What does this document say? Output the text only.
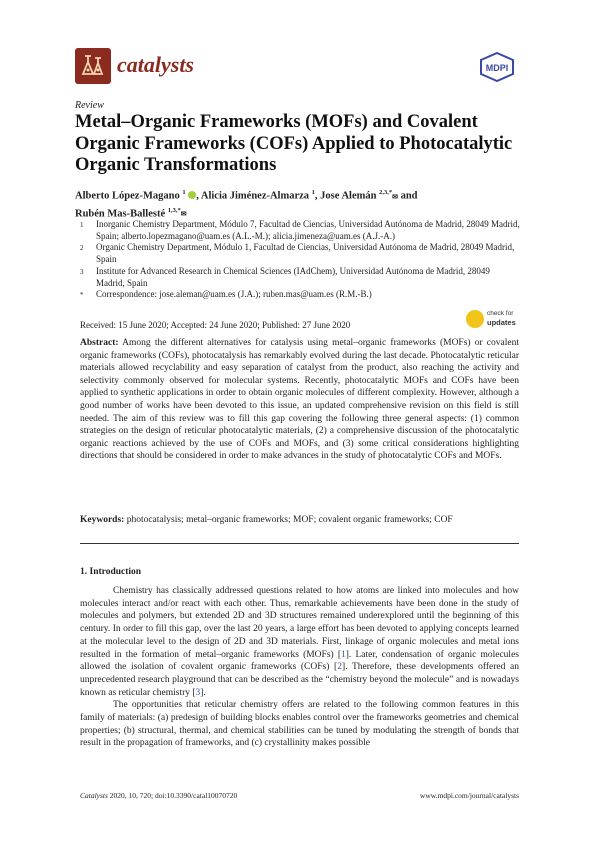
catalysts	MDPI
Review
Metal–Organic Frameworks (MOFs) and Covalent Organic Frameworks (COFs) Applied to Photocatalytic Organic Transformations
Alberto López-Magano $^1$ , Alicia Jiménez-Almarza $^1$, Jose Alemán $^{2,3,*}$✉ and
Rubén Mas-Ballesté $^{1,3,*}$✉
1	Inorganic Chemistry Department, Módulo 7, Facultad de Ciencias, Universidad Autónoma de Madrid, 28049 Madrid, Spain; alberto.lopezmagano@uam.es (A.L.-M.); alicia.jimeneza@uam.es (A.J.-A.)
2	Organic Chemistry Department, Módulo 1, Facultad de Ciencias, Universidad Autónoma de Madrid, 28049 Madrid, Spain
3	Institute for Advanced Research in Chemical Sciences (IAdChem), Universidad Autónoma de Madrid, 28049 Madrid, Spain
*	Correspondence: jose.aleman@uam.es (J.A.); ruben.mas@uam.es (R.M.-B.)
check for
updates
Received: 15 June 2020; Accepted: 24 June 2020; Published: 27 June 2020
Abstract: Among the different alternatives for catalysis using metal–organic frameworks (MOFs) or covalent organic frameworks (COFs), photocatalysis has remarkably evolved during the last decade. Photocatalytic reticular materials allowed recyclability and easy separation of catalyst from the product, also reaching the activity and selectivity commonly observed for molecular systems. Recently, photocatalytic MOFs and COFs have been applied to synthetic applications in order to obtain organic molecules of different complexity. However, although a good number of works have been devoted to this issue, an updated comprehensive revision on this field is still needed. The aim of this review was to fill this gap covering the following three general aspects: (1) common strategies on the design of reticular photocatalytic materials, (2) a comprehensive discussion of the photocatalytic organic reactions achieved by the use of COFs and MOFs, and (3) some critical considerations highlighting directions that should be considered in order to make advances in the study of photocatalytic COFs and MOFs.
Keywords: photocatalysis; metal–organic frameworks; MOF; covalent organic frameworks; COF
1. Introduction

Chemistry has classically addressed questions related to how atoms are linked into molecules and how molecules interact and/or react with each other. Thus, remarkable achievements have been done in the study of molecules and polymers, but extended 2D and 3D structures remained underexplored until the beginning of this century. In order to fill this gap, over the last 20 years, a large effort has been devoted to applying concepts learned at the molecular level to the design of 2D and 3D materials. First, linkage of organic molecules and metal ions resulted in the formation of metal–organic frameworks (MOFs) [1]. Later, condensation of organic molecules allowed the isolation of covalent organic frameworks (COFs) [2]. Therefore, these developments offered an unprecedented research playground that can be described as the “chemistry beyond the molecule” and is nowadays known as reticular chemistry [3].

The opportunities that reticular chemistry offers are related to the following common features in this family of materials: (a) predesign of building blocks enables control over the frameworks geometries and chemical properties; (b) structural, thermal, and chemical stabilities can be tuned by modulating the strength of bonds that result in the propagation of frameworks, and (c) crystallinity makes possible

Catalysts 2020, 10, 720; doi:10.3390/catal10070720	www.mdpi.com/journal/catalysts
